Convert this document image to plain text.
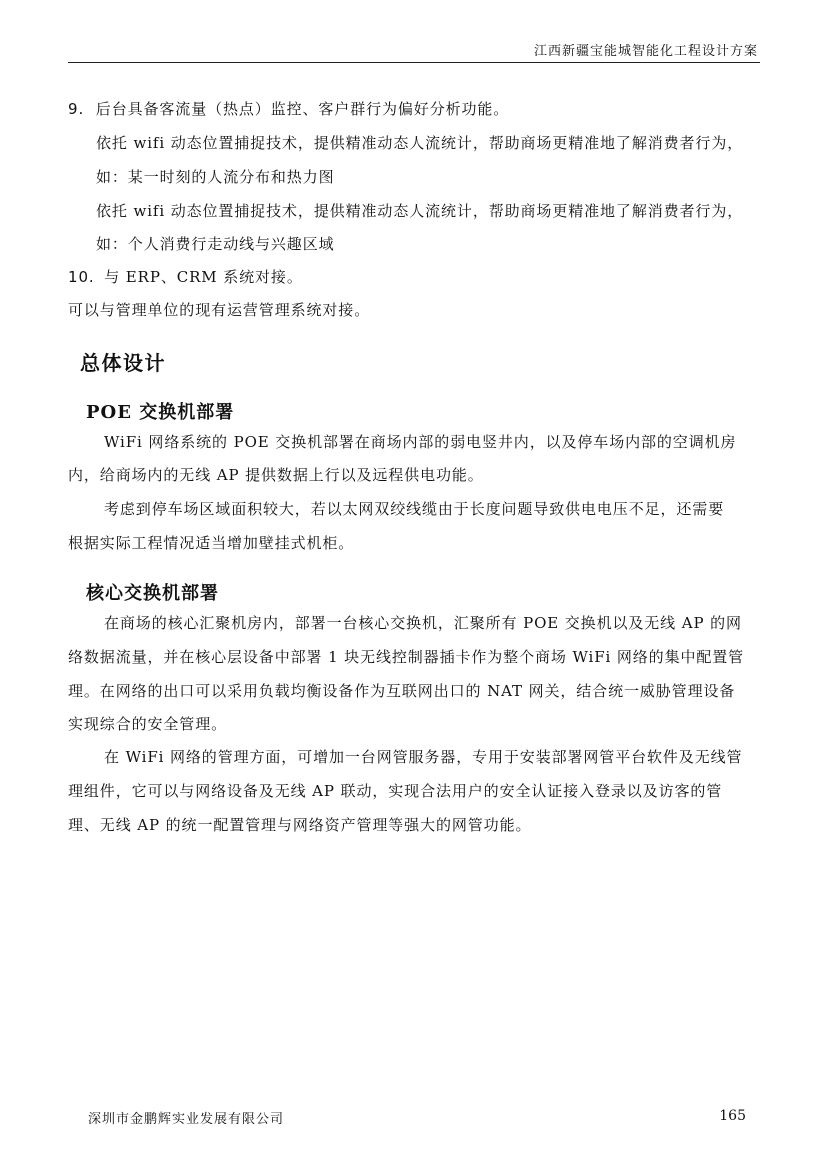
江西新疆宝能城智能化工程设计方案
9. 后台具备客流量（热点）监控、客户群行为偏好分析功能。
依托 wifi 动态位置捕捉技术，提供精准动态人流统计，帮助商场更精准地了解消费者行为，
如：某一时刻的人流分布和热力图
依托 wifi 动态位置捕捉技术，提供精准动态人流统计，帮助商场更精准地了解消费者行为，
如：个人消费行走动线与兴趣区域
10. 与 ERP、CRM 系统对接。
可以与管理单位的现有运营管理系统对接。
总体设计
POE 交换机部署
WiFi 网络系统的 POE 交换机部署在商场内部的弱电竖井内，以及停车场内部的空调机房
内，给商场内的无线 AP 提供数据上行以及远程供电功能。
考虑到停车场区域面积较大，若以太网双绞线缆由于长度问题导致供电电压不足，还需要
根据实际工程情况适当增加壁挂式机柜。
核心交换机部署
在商场的核心汇聚机房内，部署一台核心交换机，汇聚所有 POE 交换机以及无线 AP 的网
络数据流量，并在核心层设备中部署 1 块无线控制器插卡作为整个商场 WiFi 网络的集中配置管
理。在网络的出口可以采用负载均衡设备作为互联网出口的 NAT 网关，结合统一威胁管理设备
实现综合的安全管理。
在 WiFi 网络的管理方面，可增加一台网管服务器，专用于安装部署网管平台软件及无线管
理组件，它可以与网络设备及无线 AP 联动，实现合法用户的安全认证接入登录以及访客的管
理、无线 AP 的统一配置管理与网络资产管理等强大的网管功能。
深圳市金鹏辉实业发展有限公司	165
